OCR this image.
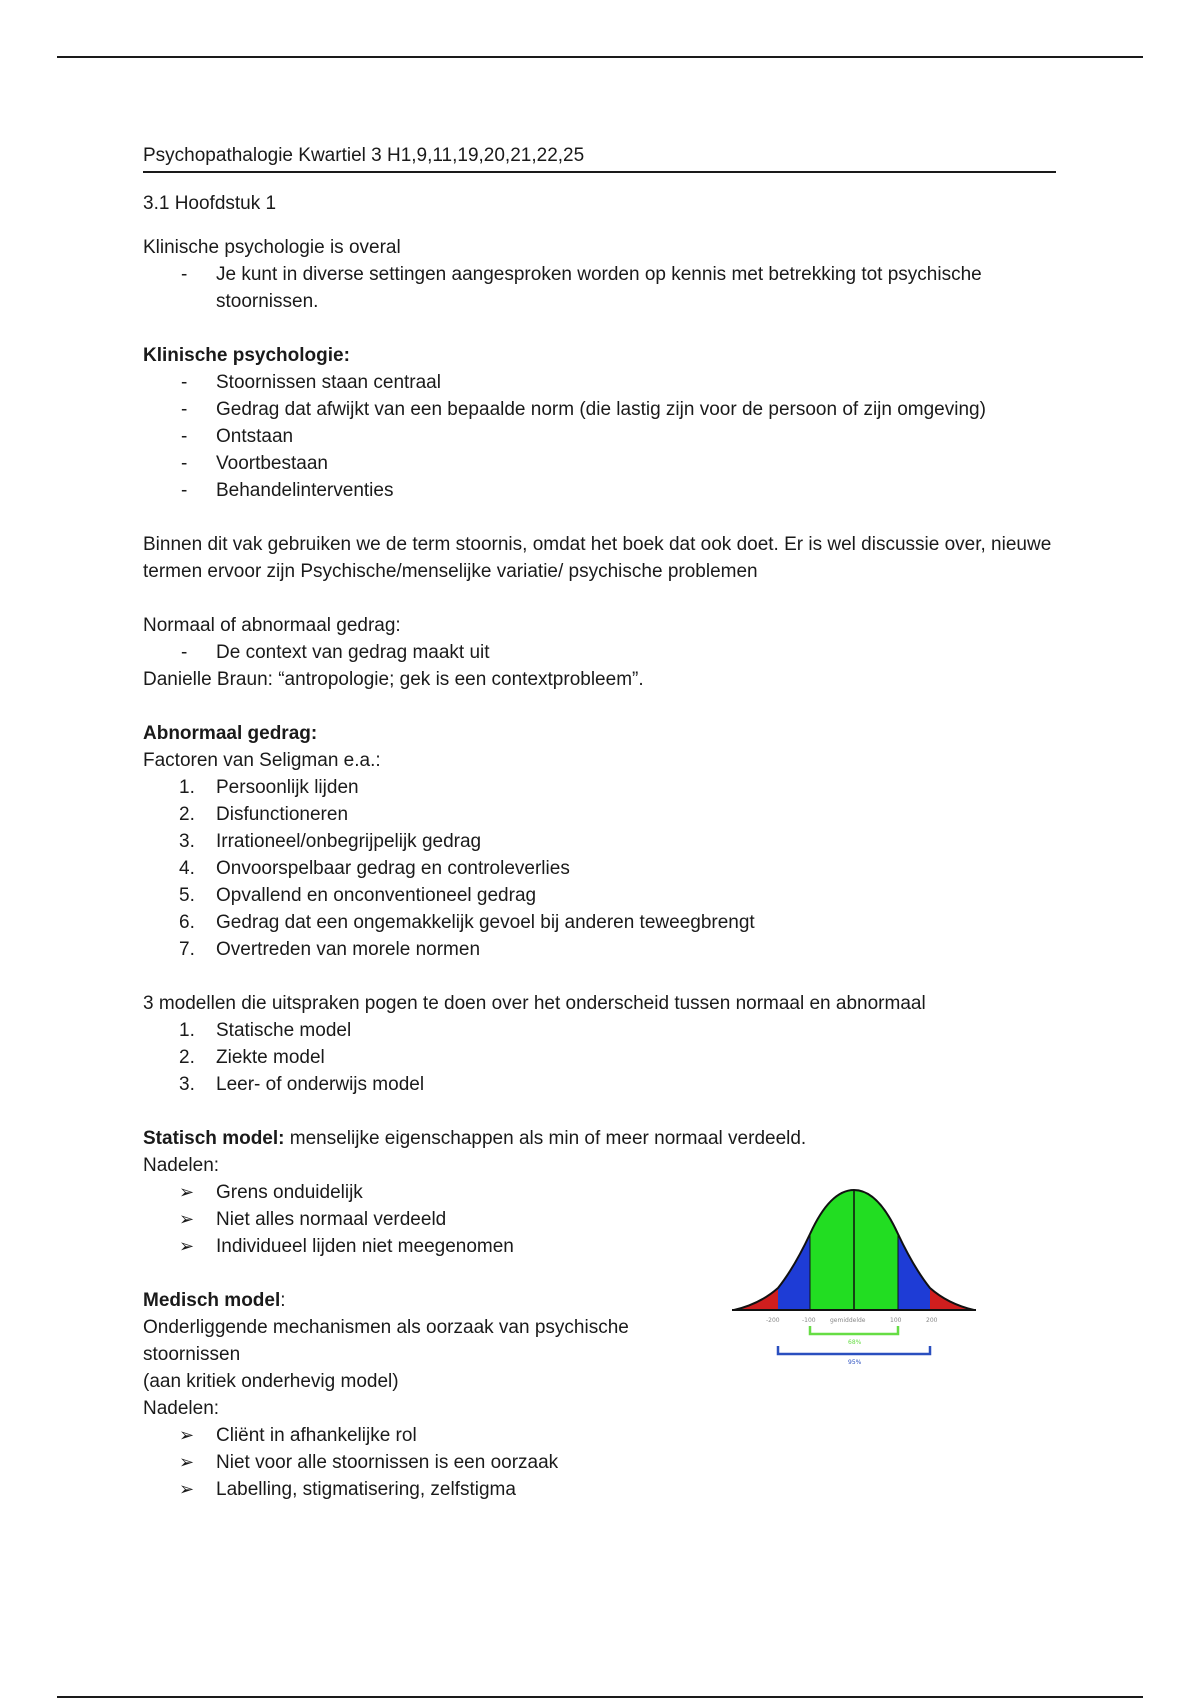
Psychopathalogie Kwartiel 3 H1,9,11,19,20,21,22,25

3.1 Hoofdstuk 1

Klinische psychologie is overal

- Je kunt in diverse settingen aangesproken worden op kennis met betrekking tot psychische stoornissen.

Klinische psychologie:

- Stoornissen staan centraal
- Gedrag dat afwijkt van een bepaalde norm (die lastig zijn voor de persoon of zijn omgeving)
- Ontstaan
- Voortbestaan
- Behandelinterventies

Binnen dit vak gebruiken we de term stoornis, omdat het boek dat ook doet. Er is wel discussie over, nieuwe termen ervoor zijn Psychische/menselijke variatie/ psychische problemen

Normaal of abnormaal gedrag:

- De context van gedrag maakt uit

Danielle Braun: “antropologie; gek is een contextprobleem”.

Abnormaal gedrag:

Factoren van Seligman e.a.:

1. Persoonlijk lijden
2. Disfunctioneren
3. Irrationeel/onbegrijpelijk gedrag
4. Onvoorspelbaar gedrag en controleverlies
5. Opvallend en onconventioneel gedrag
6. Gedrag dat een ongemakkelijk gevoel bij anderen teweegbrengt
7. Overtreden van morele normen

3 modellen die uitspraken pogen te doen over het onderscheid tussen normaal en abnormaal

1. Statische model
2. Ziekte model
3. Leer- of onderwijs model

Statisch model: menselijke eigenschappen als min of meer normaal verdeeld.

Nadelen:

➢ Grens onduidelijk
➢ Niet alles normaal verdeeld
➢ Individueel lijden niet meegenomen

Medisch model:

Onderliggende mechanismen als oorzaak van psychische

stoornissen

(aan kritiek onderhevig model)

Nadelen:

➢ Cliënt in afhankelijke rol
➢ Niet voor alle stoornissen is een oorzaak
➢ Labelling, stigmatisering, zelfstigma
-200	-100 gemiddelde	100	200
68%
95%
